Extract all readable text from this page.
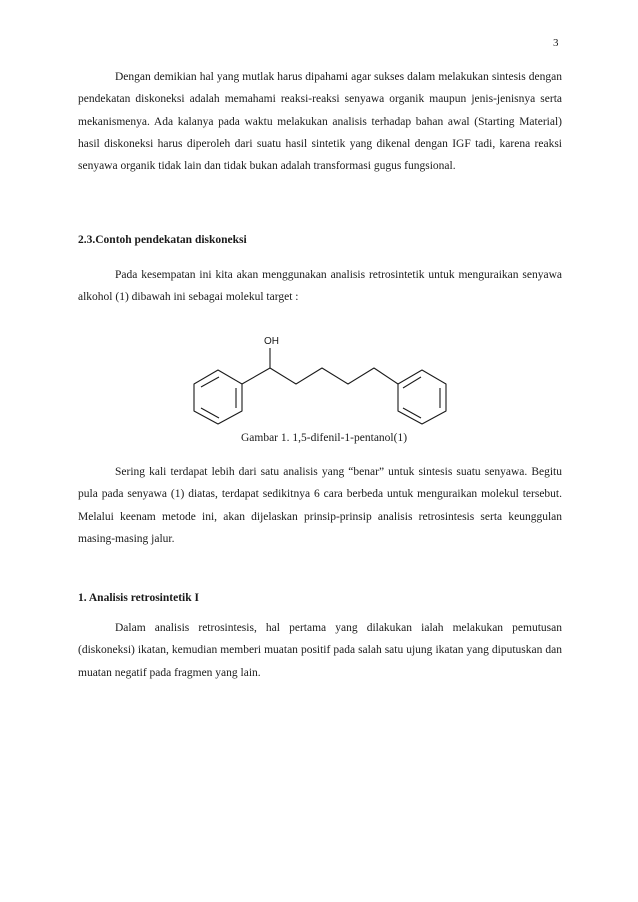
3

Dengan demikian hal yang mutlak harus dipahami agar sukses dalam melakukan sintesis dengan pendekatan diskoneksi adalah memahami reaksi-reaksi senyawa organik maupun jenis-jenisnya serta mekanismenya. Ada kalanya pada waktu melakukan analisis terhadap bahan awal (Starting Material) hasil diskoneksi harus diperoleh dari suatu hasil sintetik yang dikenal dengan IGF tadi, karena reaksi senyawa organik tidak lain dan tidak bukan adalah transformasi gugus fungsional.

2.3.Contoh pendekatan diskoneksi

Pada kesempatan ini kita akan menggunakan analisis retrosintetik untuk menguraikan senyawa alkohol (1) dibawah ini sebagai molekul target :

OH
Gambar 1. 1,5-difenil-1-pentanol(1)

Sering kali terdapat lebih dari satu analisis yang “benar” untuk sintesis suatu senyawa. Begitu pula pada senyawa (1) diatas, terdapat sedikitnya 6 cara berbeda untuk menguraikan molekul tersebut. Melalui keenam metode ini, akan dijelaskan prinsip-prinsip analisis retrosintesis serta keunggulan masing-masing jalur.

1. Analisis retrosintetik I

Dalam analisis retrosintesis, hal pertama yang dilakukan ialah melakukan pemutusan (diskoneksi) ikatan, kemudian memberi muatan positif pada salah satu ujung ikatan yang diputuskan dan muatan negatif pada fragmen yang lain.
